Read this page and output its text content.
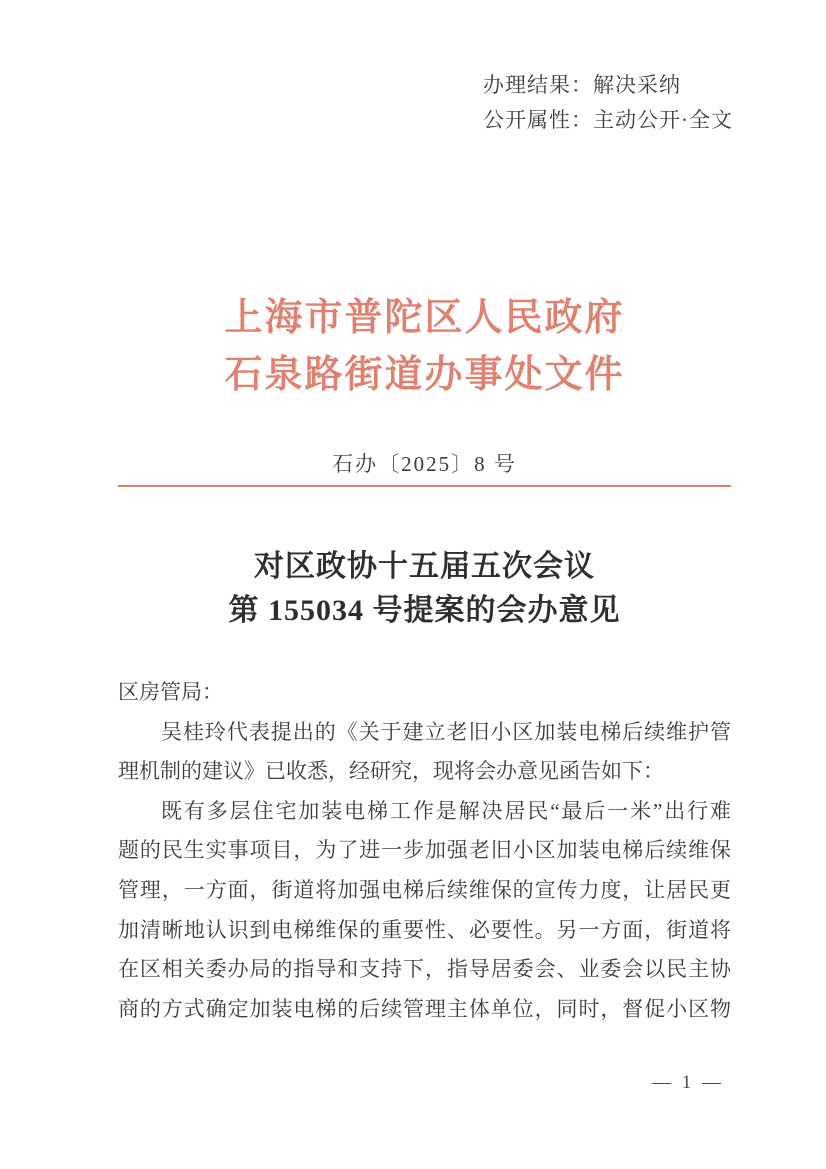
办理结果：解决采纳
公开属性：主动公开·全文
上海市普陀区人民政府
石泉路街道办事处文件
石办〔2025〕8 号
对区政协十五届五次会议
第 155034 号提案的会办意见
区房管局：
吴桂玲代表提出的《关于建立老旧小区加装电梯后续维护管
理机制的建议》已收悉，经研究，现将会办意见函告如下：
既有多层住宅加装电梯工作是解决居民“最后一米”出行难
题的民生实事项目，为了进一步加强老旧小区加装电梯后续维保
管理，一方面，街道将加强电梯后续维保的宣传力度，让居民更
加清晰地认识到电梯维保的重要性、必要性。另一方面，街道将
在区相关委办局的指导和支持下，指导居委会、业委会以民主协
商的方式确定加装电梯的后续管理主体单位，同时，督促小区物
— 1 —
